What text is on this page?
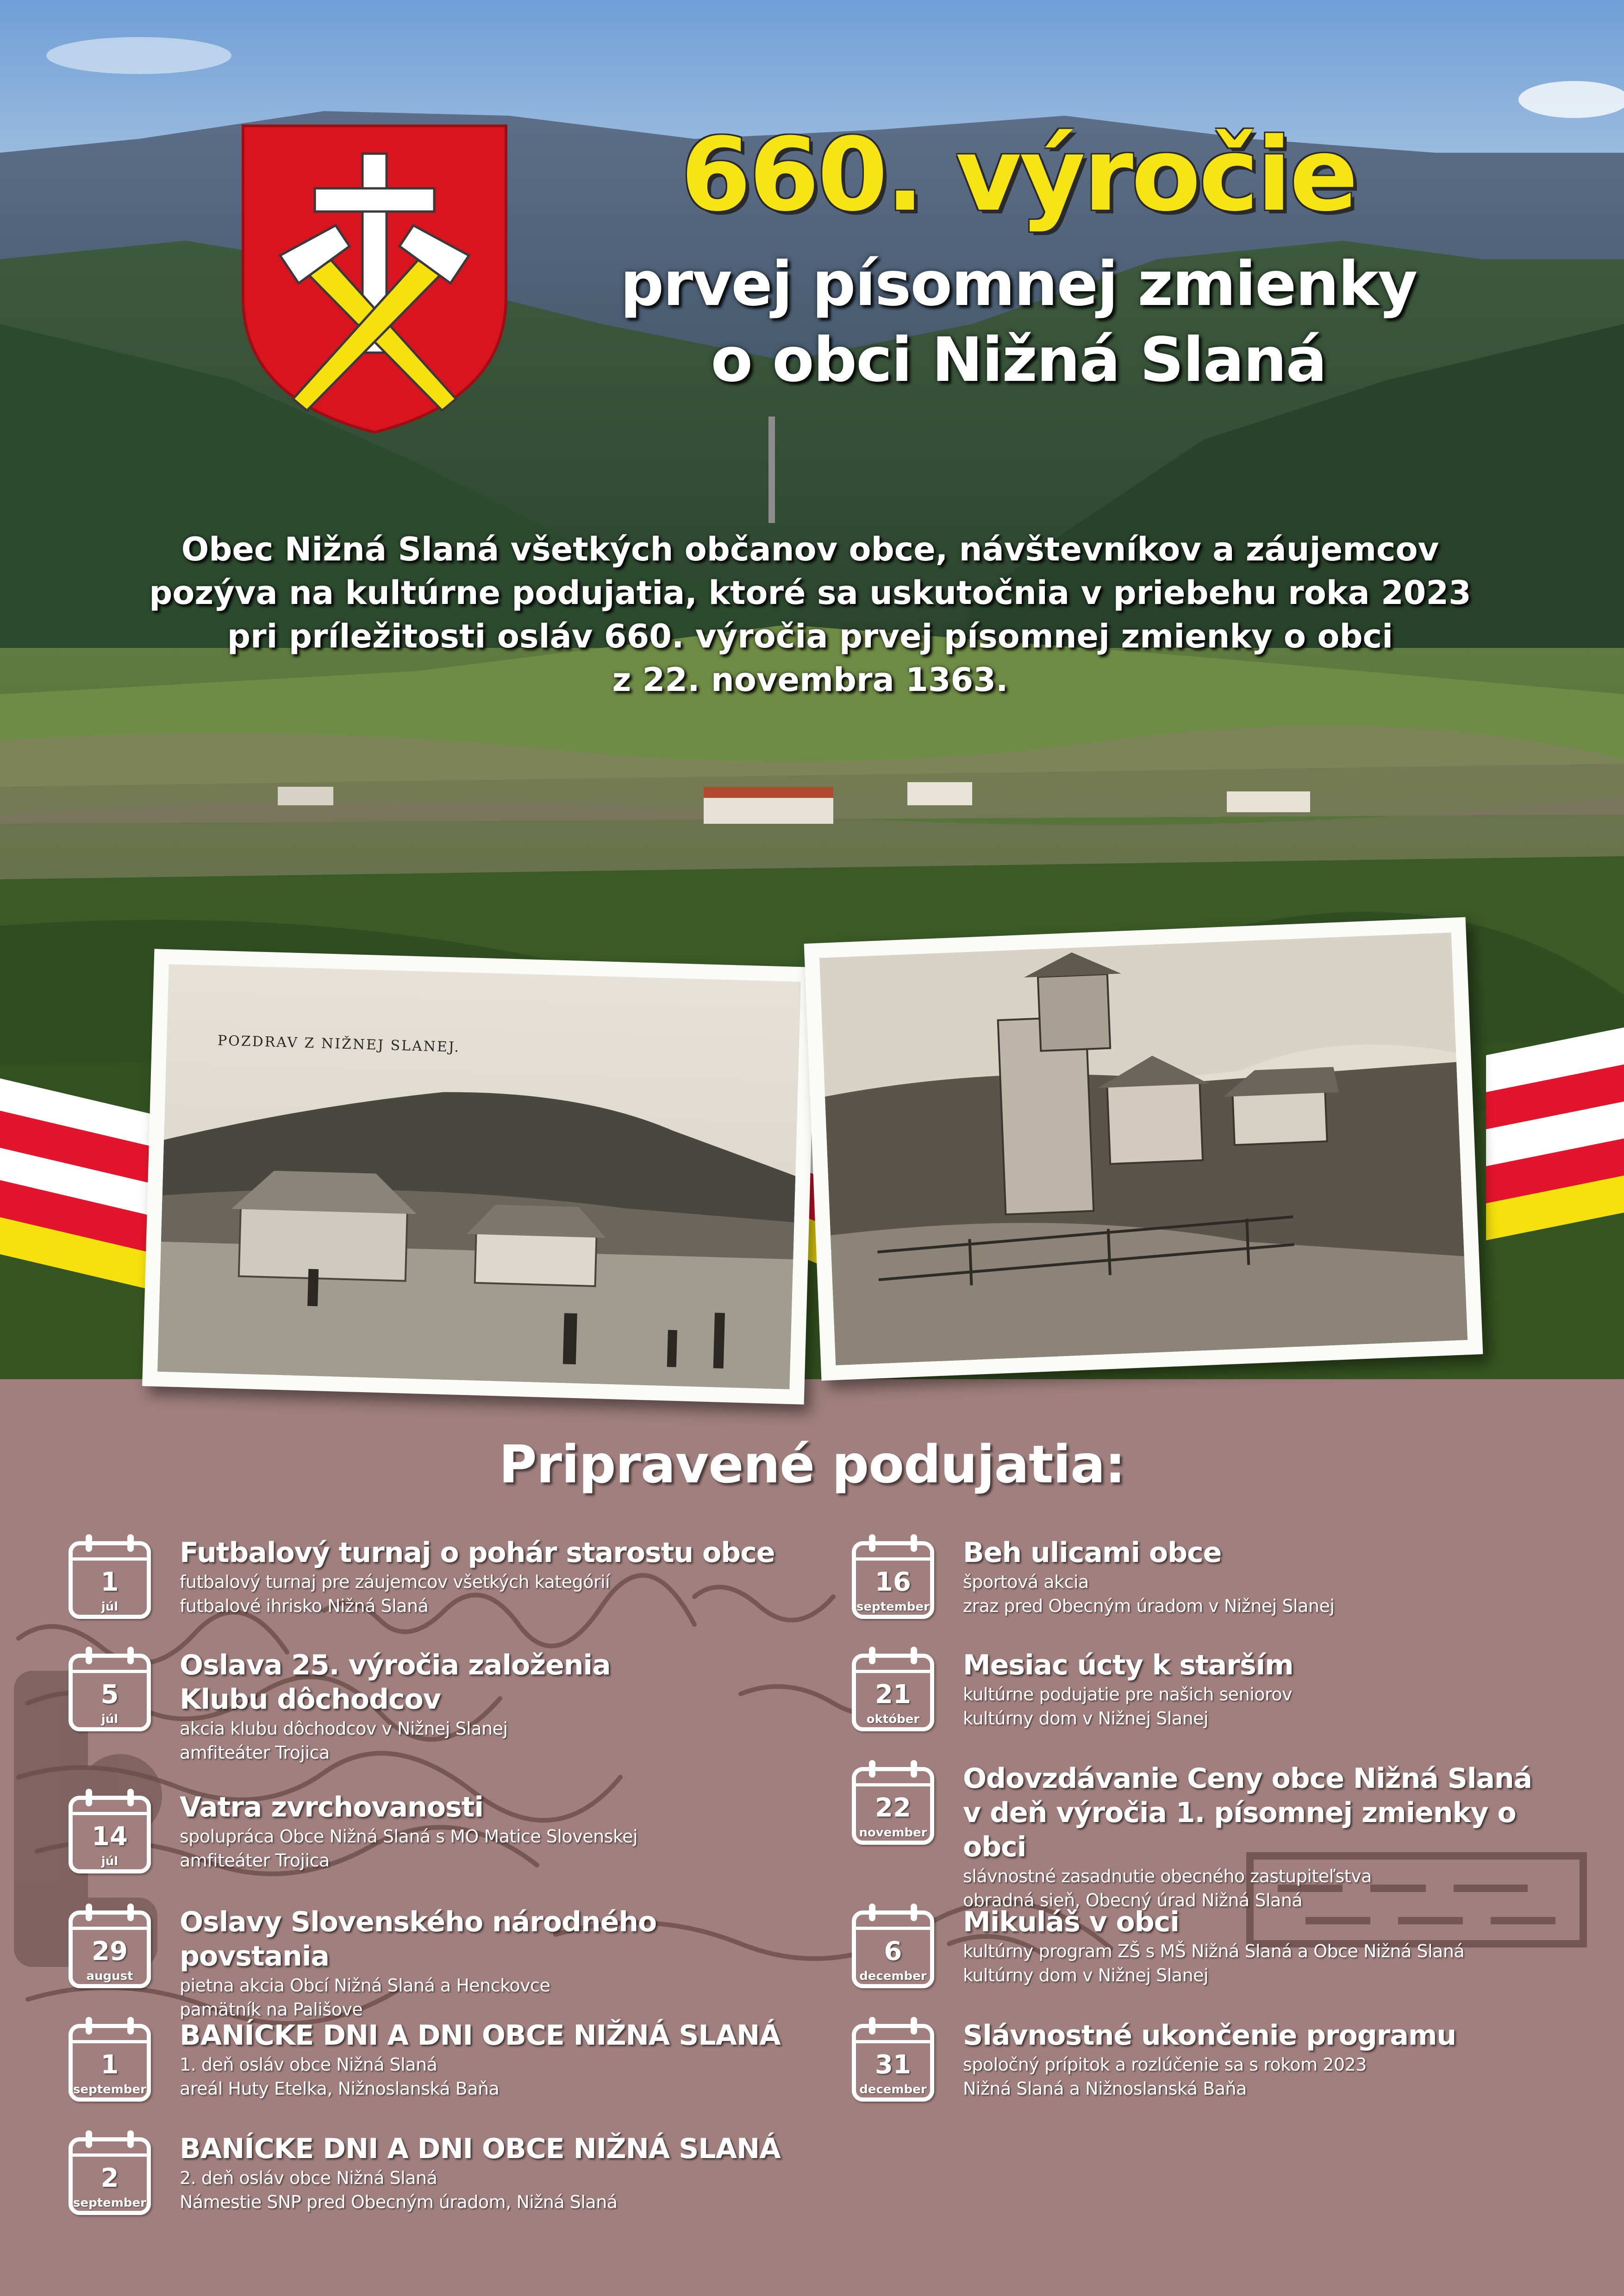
660. výročie
prvej písomnej zmienky
o obci Nižná Slaná

Obec Nižná Slaná všetkých občanov obce, návštevníkov a záujemcov

pozýva na kultúrne podujatia, ktoré sa uskutočnia v priebehu roka 2023

pri príležitosti osláv 660. výročia prvej písomnej zmienky o obci

z 22. novembra 1363.

POZDRAV Z NIŽNEJ SLANEJ.
Pripravené podujatia:
1
júl
Futbalový turnaj o pohár starostu obce
futbalový turnaj pre záujemcov všetkých kategórií
futbalové ihrisko Nižná Slaná
5
júl
Oslava 25. výročia založenia
Klubu dôchodcov
akcia klubu dôchodcov v Nižnej Slanej
amfiteáter Trojica
14
júl
Vatra zvrchovanosti
spolupráca Obce Nižná Slaná s MO Matice Slovenskej
amfiteáter Trojica
29
august
Oslavy Slovenského národného povstania
pietna akcia Obcí Nižná Slaná a Henckovce
pamätník na Pališove
1
september
BANÍCKE DNI A DNI OBCE NIŽNÁ SLANÁ
1. deň osláv obce Nižná Slaná
areál Huty Etelka, Nižnoslanská Baňa
2
september
BANÍCKE DNI A DNI OBCE NIŽNÁ SLANÁ
2. deň osláv obce Nižná Slaná
Námestie SNP pred Obecným úradom, Nižná Slaná
16
september
Beh ulicami obce
športová akcia
zraz pred Obecným úradom v Nižnej Slanej
21
október
Mesiac úcty k starším
kultúrne podujatie pre našich seniorov
kultúrny dom v Nižnej Slanej
22
november
Odovzdávanie Ceny obce Nižná Slaná
v deň výročia 1. písomnej zmienky o obci
slávnostné zasadnutie obecného zastupiteľstva
obradná sieň, Obecný úrad Nižná Slaná
6
december
Mikuláš v obci
kultúrny program ZŠ s MŠ Nižná Slaná a Obce Nižná Slaná
kultúrny dom v Nižnej Slanej
31
december
Slávnostné ukončenie programu
spoločný prípitok a rozlúčenie sa s rokom 2023
Nižná Slaná a Nižnoslanská Baňa
